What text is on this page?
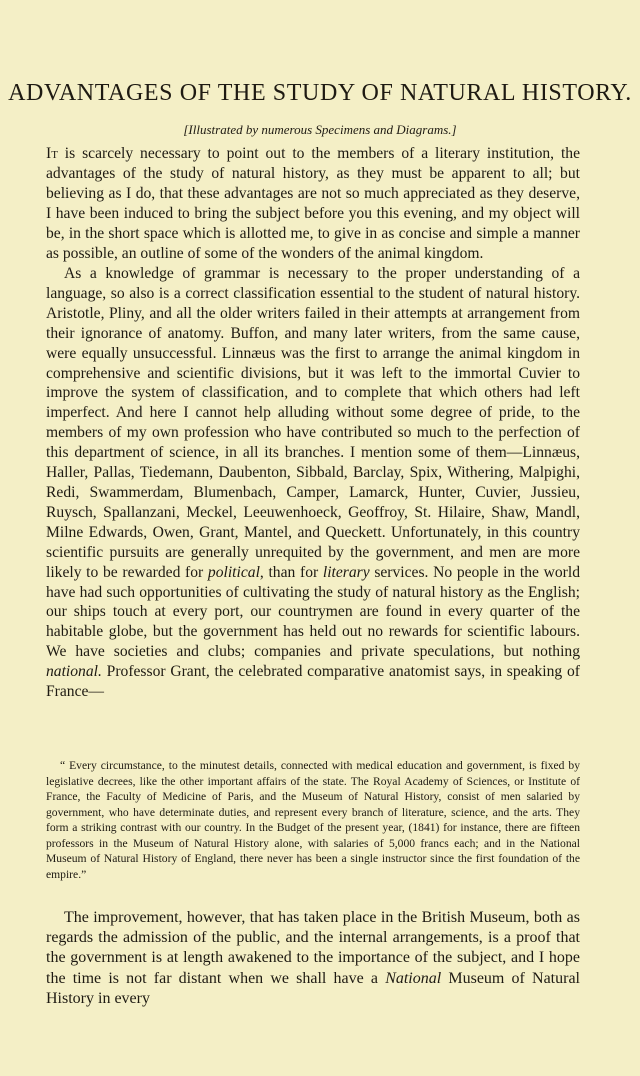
ADVANTAGES OF THE STUDY OF NATURAL HISTORY.

[Illustrated by numerous Specimens and Diagrams.]

It is scarcely necessary to point out to the members of a literary institution, the advantages of the study of natural history, as they must be apparent to all; but believing as I do, that these advantages are not so much appreciated as they deserve, I have been induced to bring the subject before you this evening, and my object will be, in the short space which is allotted me, to give in as concise and simple a manner as possible, an outline of some of the wonders of the animal kingdom.

As a knowledge of grammar is necessary to the proper understanding of a language, so also is a correct classification essential to the student of natural history. Aristotle, Pliny, and all the older writers failed in their attempts at arrangement from their ignorance of anatomy. Buffon, and many later writers, from the same cause, were equally unsuccessful. Linnæus was the first to arrange the animal kingdom in comprehensive and scientific divisions, but it was left to the immortal Cuvier to improve the system of classification, and to complete that which others had left imperfect. And here I cannot help alluding without some degree of pride, to the members of my own profession who have contributed so much to the perfection of this department of science, in all its branches. I mention some of them—Linnæus, Haller, Pallas, Tiedemann, Daubenton, Sibbald, Barclay, Spix, Withering, Malpighi, Redi, Swammerdam, Blumenbach, Camper, Lamarck, Hunter, Cuvier, Jussieu, Ruysch, Spallanzani, Meckel, Leeuwenhoeck, Geoffroy, St. Hilaire, Shaw, Mandl, Milne Edwards, Owen, Grant, Mantel, and Queckett. Unfortunately, in this country scientific pursuits are generally unrequited by the government, and men are more likely to be rewarded for political, than for literary services. No people in the world have had such opportunities of cultivating the study of natural history as the English; our ships touch at every port, our countrymen are found in every quarter of the habitable globe, but the government has held out no rewards for scientific labours. We have societies and clubs; companies and private speculations, but nothing national. Professor Grant, the celebrated comparative anatomist says, in speaking of France—

“ Every circumstance, to the minutest details, connected with medical education and government, is fixed by legislative decrees, like the other important affairs of the state. The Royal Academy of Sciences, or Institute of France, the Faculty of Medicine of Paris, and the Museum of Natural History, consist of men salaried by government, who have determinate duties, and represent every branch of literature, science, and the arts. They form a striking contrast with our country. In the Budget of the present year, (1841) for instance, there are fifteen professors in the Museum of Natural History alone, with salaries of 5,000 francs each; and in the National Museum of Natural History of England, there never has been a single instructor since the first foundation of the empire.”

The improvement, however, that has taken place in the British Museum, both as regards the admission of the public, and the internal arrangements, is a proof that the government is at length awakened to the importance of the subject, and I hope the time is not far distant when we shall have a National Museum of Natural History in every
